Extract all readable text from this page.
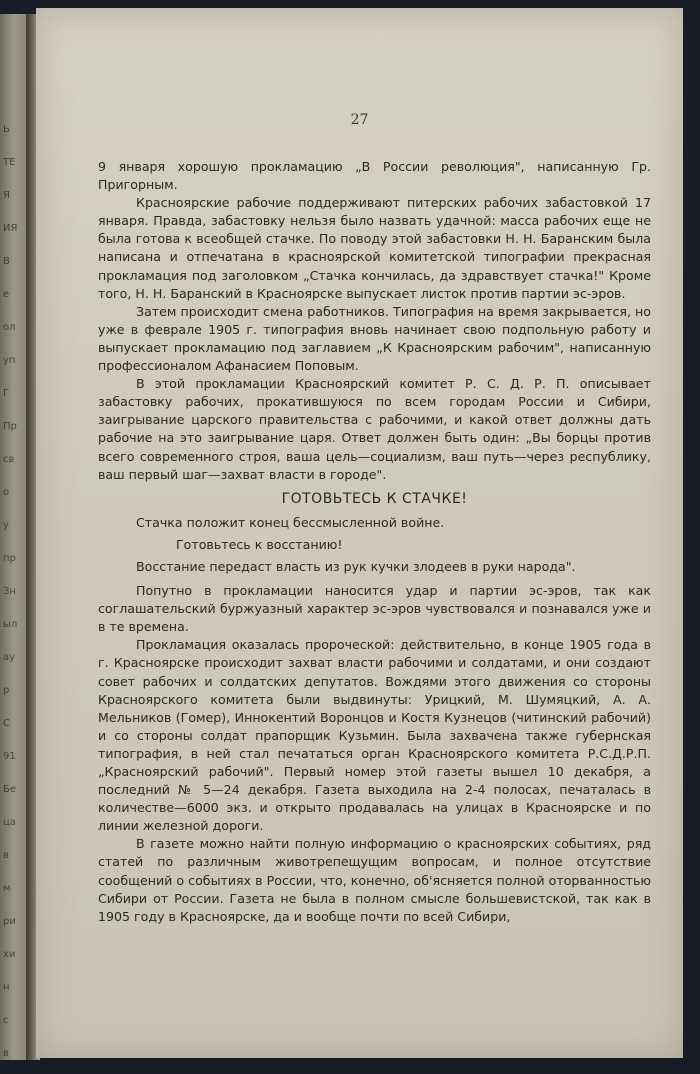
Ь
ТЕ
Я
ИЯ
В
е
ол
уп
Г
Пр
св
о
у
пр
Зн
ыл
ау
р
С
91
Бе
ца
в
м
ри
хи
н
с
в
27

9 января хорошую прокламацию „В России революция", написанную Гр. Пригорным.

Красноярские рабочие поддерживают питерских рабочих забастовкой 17 января. Правда, забастовку нельзя было назвать удачной: масса рабочих еще не была готова к всеобщей стачке. По поводу этой забастовки Н. Н. Баранским была написана и отпечатана в красноярской комитетской типографии прекрасная прокламация под заголовком „Стачка кончилась, да здравствует стачка!" Кроме того, Н. Н. Баранский в Красноярске выпускает листок против партии эс-эров.

Затем происходит смена работников. Типография на время закрывается, но уже в феврале 1905 г. типография вновь начинает свою подпольную работу и выпускает прокламацию под заглавием „К Красноярским рабочим", написанную профессионалом Афанасием Поповым.

В этой прокламации Красноярский комитет Р. С. Д. Р. П. описывает забастовку рабочих, прокатившуюся по всем городам России и Сибири, заигрывание царского правительства с рабочими, и какой ответ должны дать рабочие на это заигрывание царя. Ответ должен быть один: „Вы борцы против всего современного строя, ваша цель—социализм, ваш путь—через республику, ваш первый шаг—захват власти в городе".

ГОТОВЬТЕСЬ К СТАЧКЕ!

Стачка положит конец бессмысленной войне.

Готовьтесь к восстанию!

Восстание передаст власть из рук кучки злодеев в руки народа".

Попутно в прокламации наносится удар и партии эс-эров, так как соглашательский буржуазный характер эс-эров чувствовался и познавался уже и в те времена.

Прокламация оказалась пророческой: действительно, в конце 1905 года в г. Красноярске происходит захват власти рабочими и солдатами, и они создают совет рабочих и солдатских депутатов. Вождями этого движения со стороны Красноярского комитета были выдвинуты: Урицкий, М. Шумяцкий, А. А. Мельников (Гомер), Иннокентий Воронцов и Костя Кузнецов (читинский рабочий) и со стороны солдат прапорщик Кузьмин. Была захвачена также губернская типография, в ней стал печататься орган Красноярского комитета Р.С.Д.Р.П. „Красноярский рабочий". Первый номер этой газеты вышел 10 декабря, а последний № 5—24 декабря. Газета выходила на 2-4 полосах, печаталась в количестве—6000 экз. и открыто продавалась на улицах в Красноярске и по линии железной дороги.

В газете можно найти полную информацию о красноярских событиях, ряд статей по различным животрепещущим вопросам, и полное отсутствие сообщений о событиях в России, что, конечно, об'ясняется полной оторванностью Сибири от России. Газета не была в полном смысле большевистской, так как в 1905 году в Красноярске, да и вообще почти по всей Сибири,
